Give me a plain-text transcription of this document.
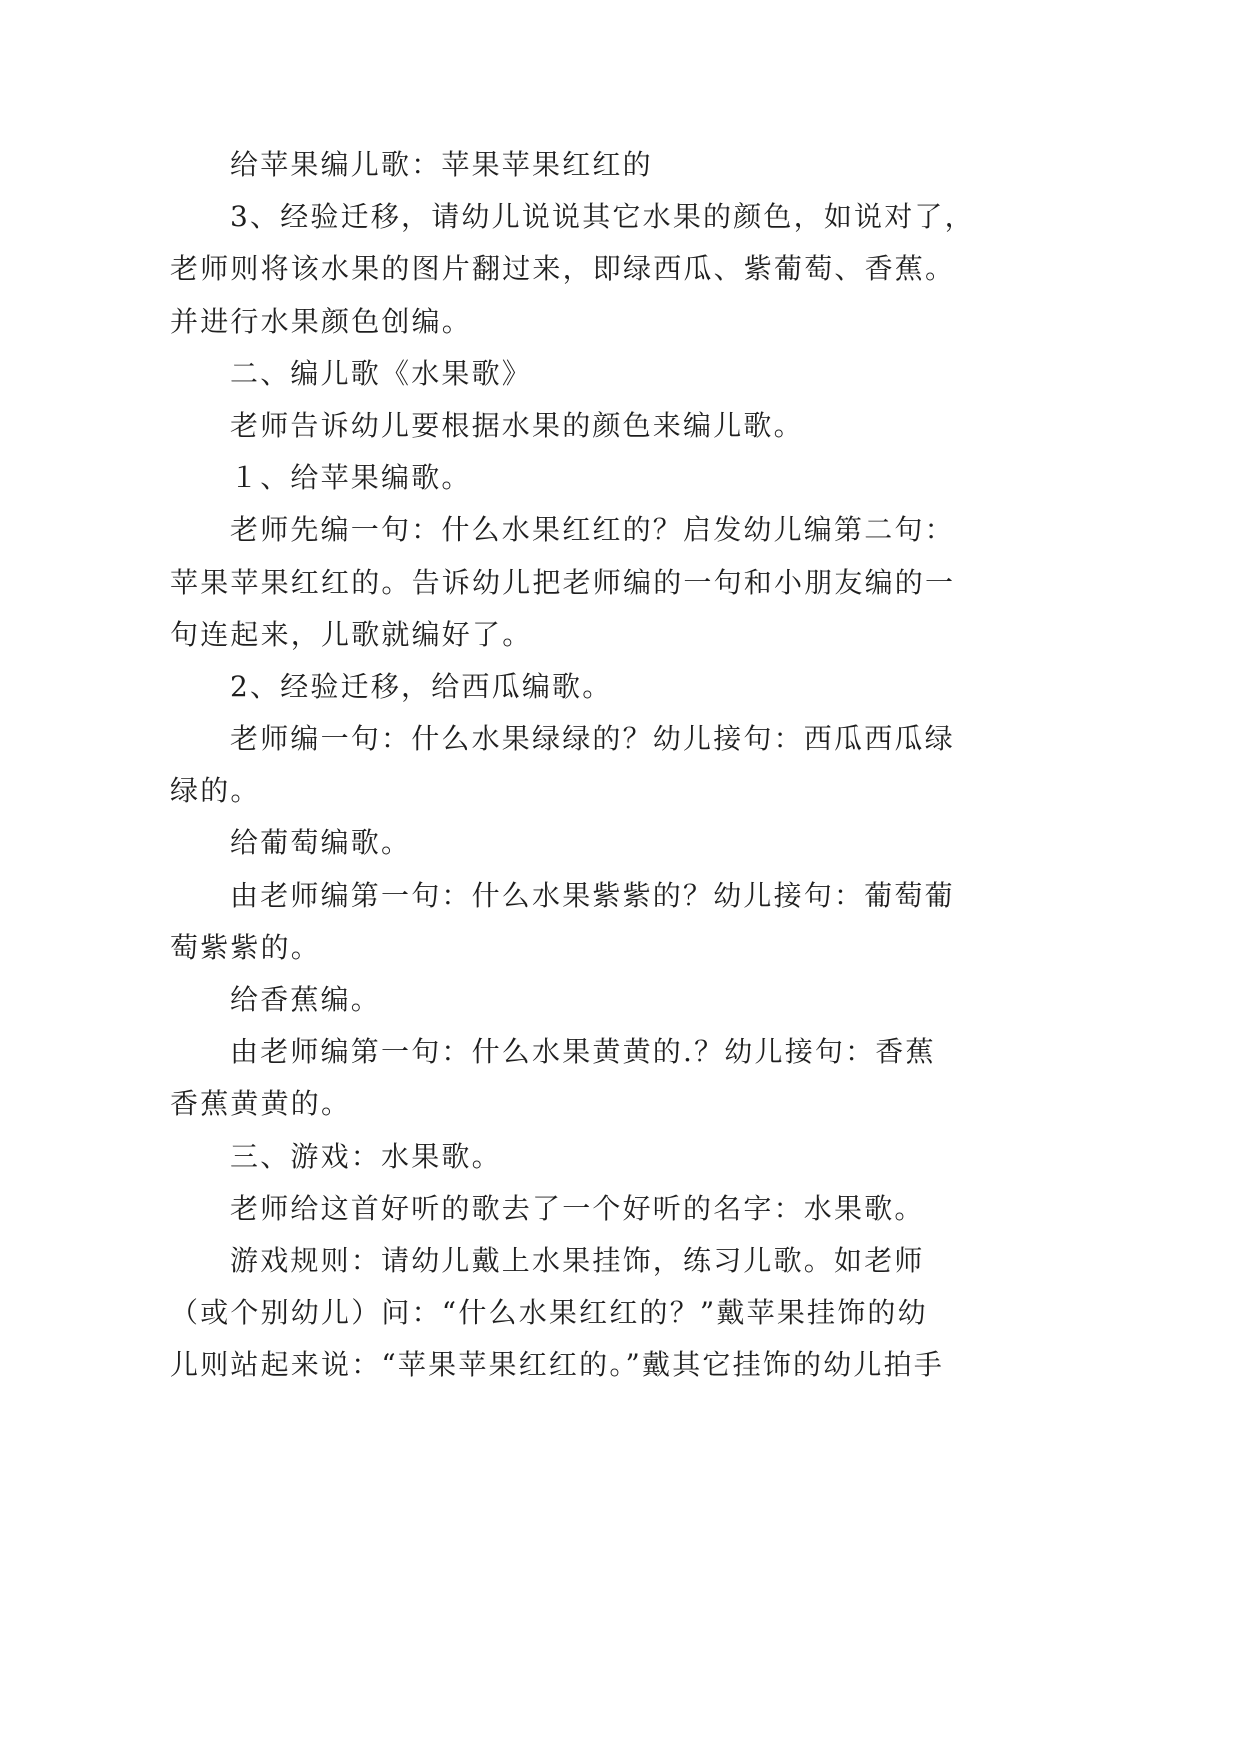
给苹果编儿歌：苹果苹果红红的
3、经验迁移，请幼儿说说其它水果的颜色，如说对了，
老师则将该水果的图片翻过来，即绿西瓜、紫葡萄、香蕉。
并进行水果颜色创编。
二、编儿歌《水果歌》
老师告诉幼儿要根据水果的颜色来编儿歌。
１、给苹果编歌。
老师先编一句：什么水果红红的？启发幼儿编第二句：
苹果苹果红红的。告诉幼儿把老师编的一句和小朋友编的一
句连起来，儿歌就编好了。
2、经验迁移，给西瓜编歌。
老师编一句：什么水果绿绿的？幼儿接句：西瓜西瓜绿
绿的。
给葡萄编歌。
由老师编第一句：什么水果紫紫的？幼儿接句：葡萄葡
萄紫紫的。
给香蕉编。
由老师编第一句：什么水果黄黄的.？幼儿接句：香蕉
香蕉黄黄的。
三、游戏：水果歌。
老师给这首好听的歌去了一个好听的名字：水果歌。
游戏规则：请幼儿戴上水果挂饰，练习儿歌。如老师
（或个别幼儿）问：“什么水果红红的？”戴苹果挂饰的幼
儿则站起来说：“苹果苹果红红的。”戴其它挂饰的幼儿拍手
